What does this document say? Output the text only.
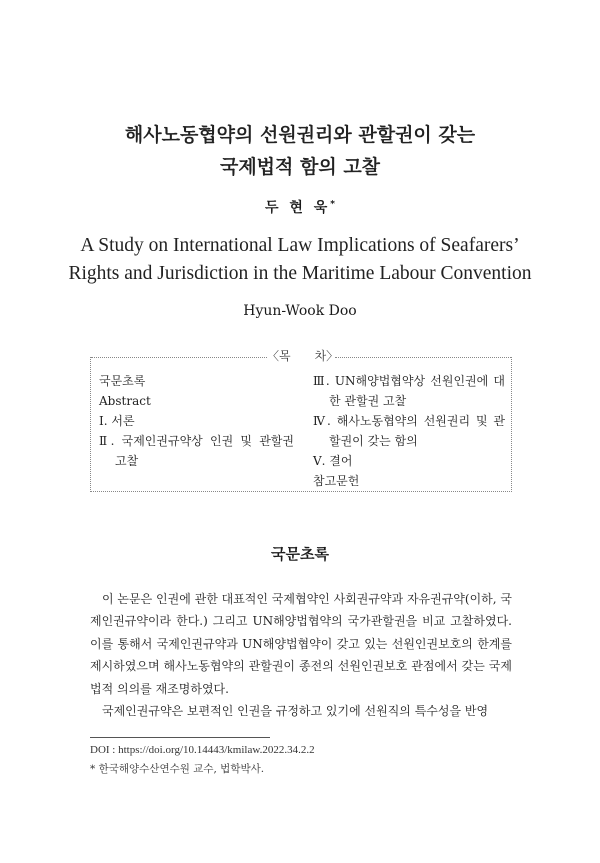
해사노동협약의 선원권리와 관할권이 갖는
국제법적 함의 고찰
두 현 욱*
A Study on International Law Implications of Seafarers’
Rights and Jurisdiction in the Maritime Labour Convention
Hyun-Wook Doo
〈목　　차〉
국문초록
Abstract
Ⅰ. 서론
Ⅱ. 국제인권규약상 인권 및 관할권
고찰
Ⅲ. UN해양법협약상 선원인권에 대
한 관할권 고찰
Ⅳ. 해사노동협약의 선원권리 및 관
할권이 갖는 함의
Ⅴ. 결어
참고문헌
국문초록

이 논문은 인권에 관한 대표적인 국제협약인 사회권규약과 자유권규약(이하, 국제인권규약이라 한다.) 그리고 UN해양법협약의 국가관할권을 비교 고찰하였다. 이를 통해서 국제인권규약과 UN해양법협약이 갖고 있는 선원인권보호의 한계를 제시하였으며 해사노동협약의 관할권이 종전의 선원인권보호 관점에서 갖는 국제법적 의의를 재조명하였다.

국제인권규약은 보편적인 인권을 규정하고 있기에 선원직의 특수성을 반영

DOI : https://doi.org/10.14443/kmilaw.2022.34.2.2
* 한국해양수산연수원 교수, 법학박사.
